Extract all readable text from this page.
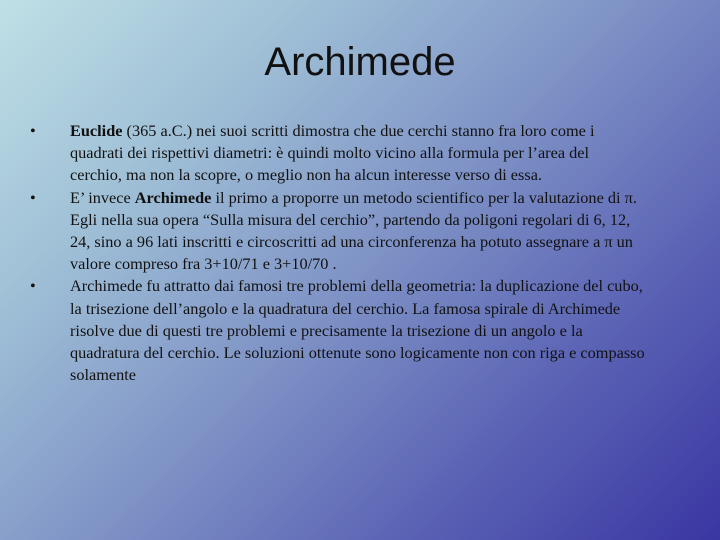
Archimede
• Euclide (365 a.C.) nei suoi scritti dimostra che due cerchi stanno fra loro come i quadrati dei rispettivi diametri: è quindi molto vicino alla formula per l’area del cerchio, ma non la scopre, o meglio non ha alcun interesse verso di essa.
• E’ invece Archimede il primo a proporre un metodo scientifico per la valutazione di π. Egli nella sua opera “Sulla misura del cerchio”, partendo da poligoni regolari di 6, 12, 24, sino a 96 lati inscritti e circoscritti ad una circonferenza ha potuto assegnare a π un valore compreso fra 3+10/71 e 3+10/70 .
• Archimede fu attratto dai famosi tre problemi della geometria: la duplicazione del cubo, la trisezione dell’angolo e la quadratura del cerchio. La famosa spirale di Archimede risolve due di questi tre problemi e precisamente la trisezione di un angolo e la quadratura del cerchio. Le soluzioni ottenute sono logicamente non con riga e compasso solamente
